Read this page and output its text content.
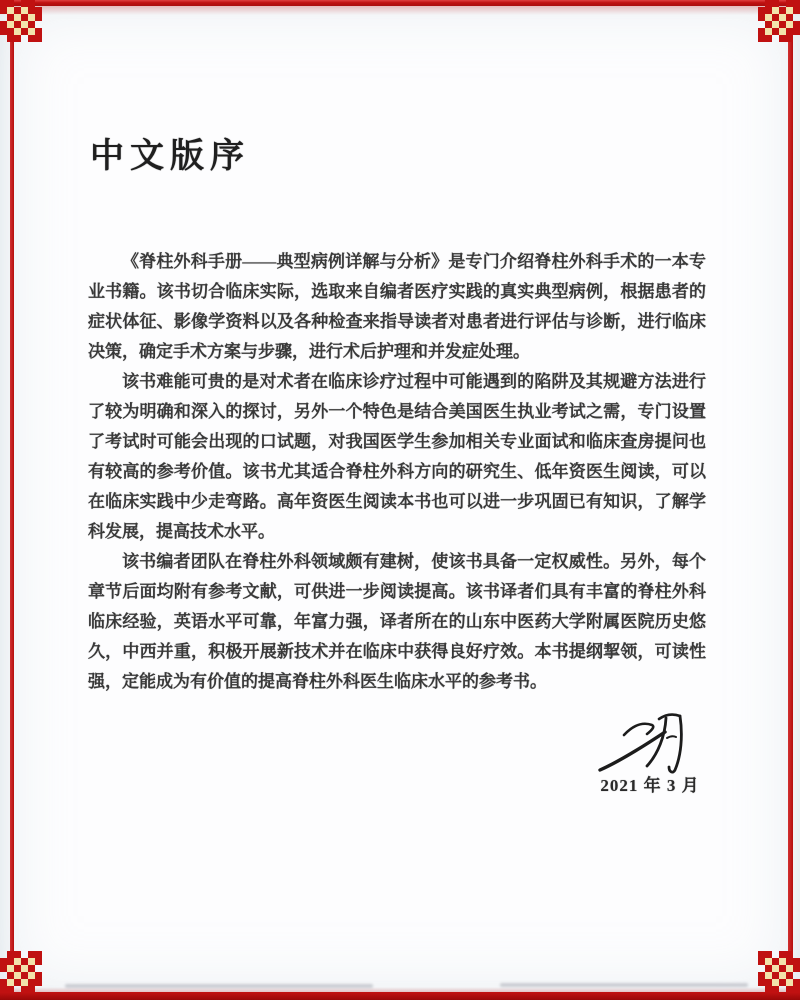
中文版序

《脊柱外科手册——典型病例详解与分析》是专门介绍脊柱外科手术的一本专业书籍。该书切合临床实际，选取来自编者医疗实践的真实典型病例，根据患者的症状体征、影像学资料以及各种检查来指导读者对患者进行评估与诊断，进行临床决策，确定手术方案与步骤，进行术后护理和并发症处理。

该书难能可贵的是对术者在临床诊疗过程中可能遇到的陷阱及其规避方法进行了较为明确和深入的探讨，另外一个特色是结合美国医生执业考试之需，专门设置了考试时可能会出现的口试题，对我国医学生参加相关专业面试和临床查房提问也有较高的参考价值。该书尤其适合脊柱外科方向的研究生、低年资医生阅读，可以在临床实践中少走弯路。高年资医生阅读本书也可以进一步巩固已有知识，了解学科发展，提高技术水平。

该书编者团队在脊柱外科领域颇有建树，使该书具备一定权威性。另外，每个章节后面均附有参考文献，可供进一步阅读提高。该书译者们具有丰富的脊柱外科临床经验，英语水平可靠，年富力强，译者所在的山东中医药大学附属医院历史悠久，中西并重，积极开展新技术并在临床中获得良好疗效。本书提纲挈领，可读性强，定能成为有价值的提高脊柱外科医生临床水平的参考书。

2021 年 3 月
